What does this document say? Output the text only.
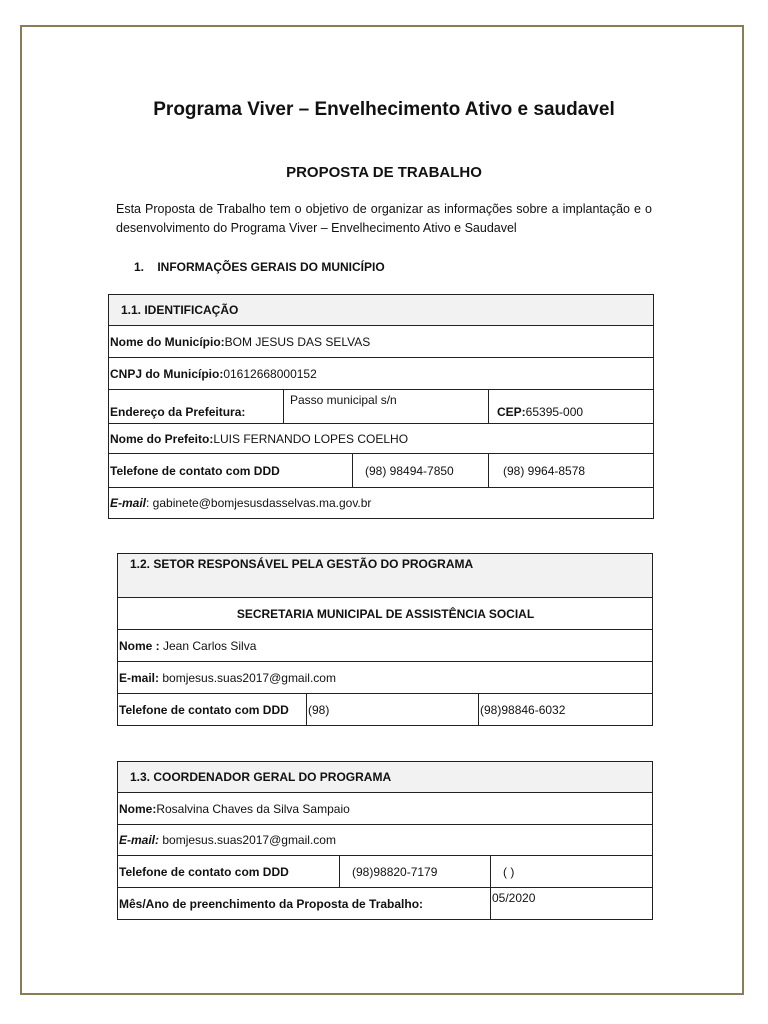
Programa Viver – Envelhecimento Ativo e saudavel
PROPOSTA DE TRABALHO
Esta Proposta de Trabalho tem o objetivo de organizar as informações sobre a implantação e o desenvolvimento do Programa Viver – Envelhecimento Ativo e Saudavel
1. INFORMAÇÕES GERAIS DO MUNICÍPIO
1.1. IDENTIFICAÇÃO			
Nome do Município:BOM JESUS DAS SELVAS			
CNPJ do Município:01612668000152			
Endereço da Prefeitura:	Passo municipal s/n		CEP:65395-000
Nome do Prefeito:LUIS FERNANDO LOPES COELHO			
Telefone de contato com DDD		(98) 98494-7850	(98) 9964-8578
E-mail: gabinete@bomjesusdasselvas.ma.gov.br			
1.2. SETOR RESPONSÁVEL PELA GESTÃO DO PROGRAMA
SECRETARIA MUNICIPAL DE ASSISTÊNCIA SOCIAL
Nome : Jean Carlos Silva
E-mail: bomjesus.suas2017@gmail.com
Telefone de contato com DDD	(98)	(98)98846-6032
1.3. COORDENADOR GERAL DO PROGRAMA		
Nome:Rosalvina Chaves da Silva Sampaio		
E-mail: bomjesus.suas2017@gmail.com		
Telefone de contato com DDD	(98)98820-7179	( )
Mês/Ano de preenchimento da Proposta de Trabalho:		05/2020
